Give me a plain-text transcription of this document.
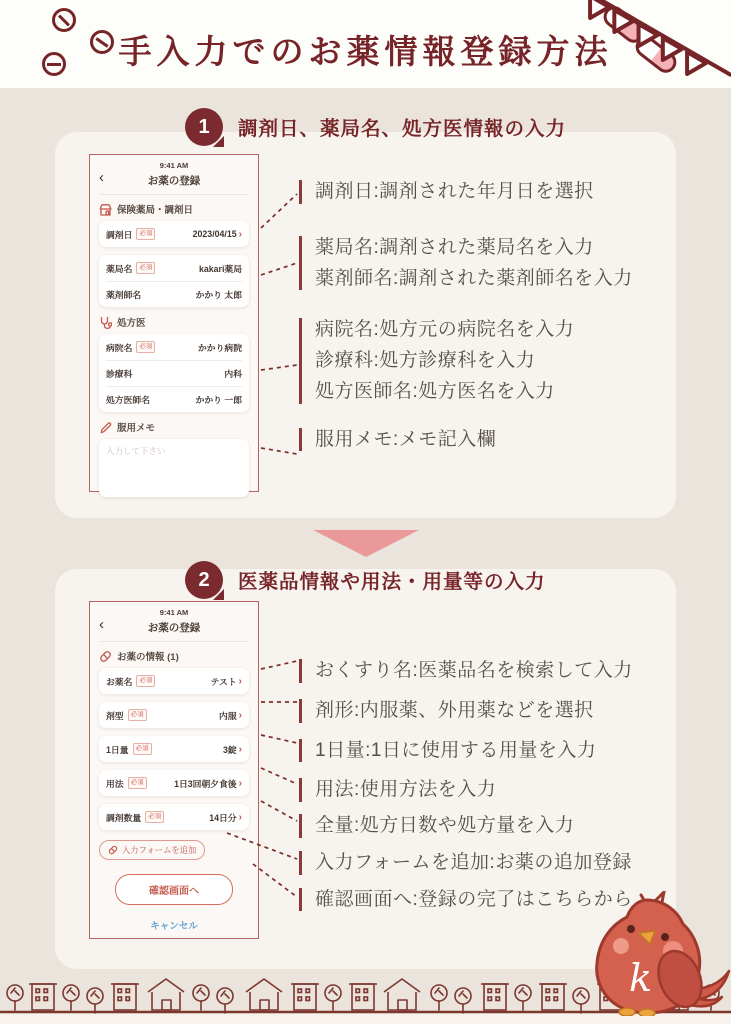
手入力でのお薬情報登録方法
1	調剤日、薬局名、処方医情報の入力
9:41 AM
‹	お薬の登録
保険薬局・調剤日
調剤日	必須	2023/04/15 ›
薬局名	必須	kakari薬局
薬剤師名	かかり 太郎
処方医
病院名	必須	かかり病院
診療科	内科
処方医師名	かかり 一郎
服用メモ
入力して下さい
調剤日:調剤された年月日を選択
薬局名:調剤された薬局名を入力
薬剤師名:調剤された薬剤師名を入力
病院名:処方元の病院名を入力
診療科:処方診療科を入力
処方医師名:処方医名を入力
服用メモ:メモ記入欄
2	医薬品情報や用法・用量等の入力
9:41 AM
‹	お薬の登録
お薬の情報 (1)
お薬名	必須	テスト ›
剤型	必須	内服 ›
1日量	必須	3錠 ›
用法	必須	1日3回朝夕食後 ›
調剤数量	必須	14日分 ›
入力フォームを追加
確認画面へ
キャンセル
おくすり名:医薬品名を検索して入力
剤形:内服薬、外用薬などを選択
1日量:1日に使用する用量を入力
用法:使用方法を入力
全量:処方日数や処方量を入力
入力フォームを追加:お薬の追加登録
確認画面へ:登録の完了はこちらから
k
